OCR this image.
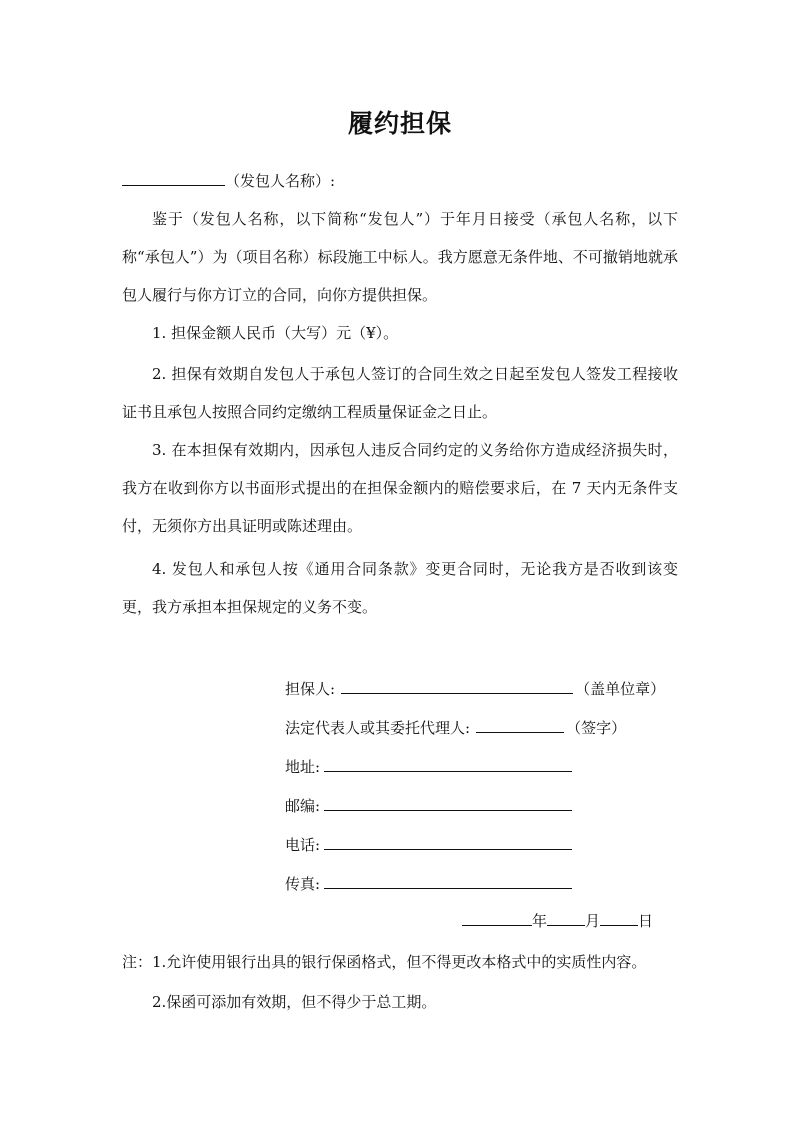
履约担保
（发包人名称）:

鉴于（发包人名称，以下简称“发包人”）于年月日接受（承包人名称，以下称“承包人”）为（项目名称）标段施工中标人。我方愿意无条件地、不可撤销地就承包人履行与你方订立的合同，向你方提供担保。

1. 担保金额人民币（大写）元（¥）。

2. 担保有效期自发包人于承包人签订的合同生效之日起至发包人签发工程接收证书且承包人按照合同约定缴纳工程质量保证金之日止。

3. 在本担保有效期内，因承包人违反合同约定的义务给你方造成经济损失时，我方在收到你方以书面形式提出的在担保金额内的赔偿要求后，在 7 天内无条件支付，无须你方出具证明或陈述理由。

4. 发包人和承包人按《通用合同条款》变更合同时，无论我方是否收到该变更，我方承担本担保规定的义务不变。

担保人:	（盖单位章）
法定代表人或其委托代理人:	（签字）
地址:
邮编:
电话:
传真:
年	月	日
注：1.允许使用银行出具的银行保函格式，但不得更改本格式中的实质性内容。
2.保函可添加有效期，但不得少于总工期。
